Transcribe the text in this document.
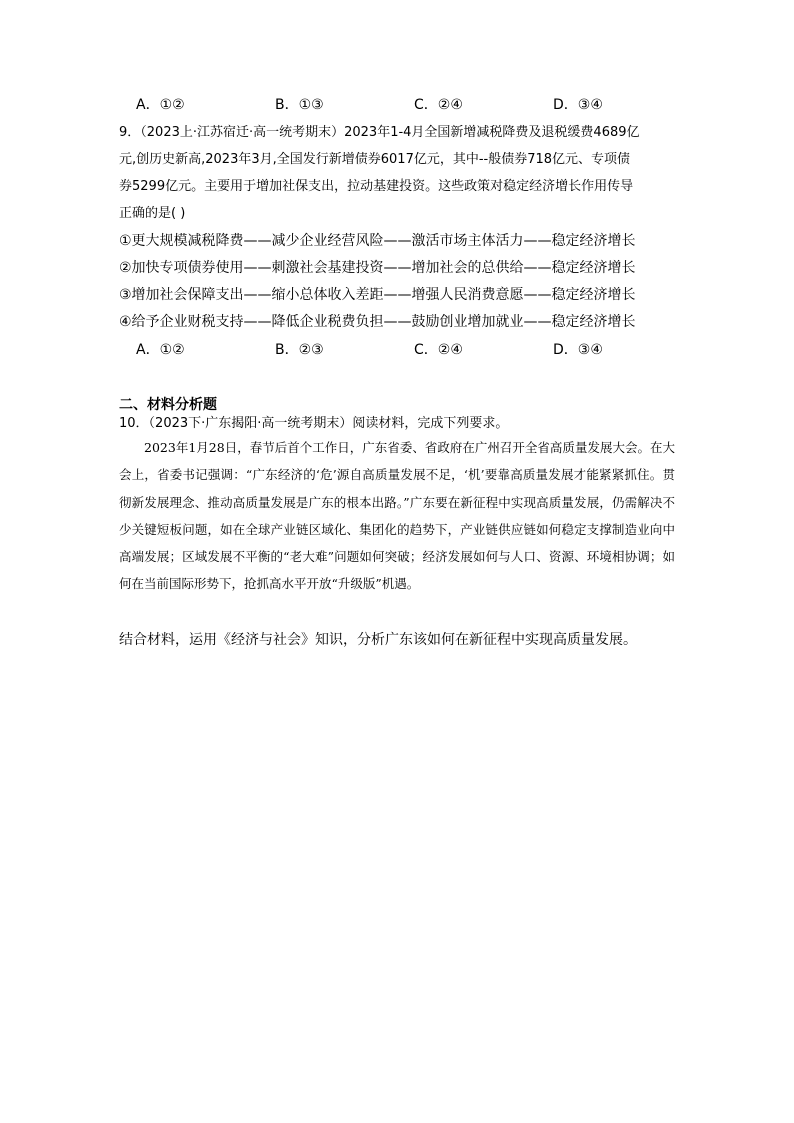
A．①②	B．①③	C．②④	D．③④
9．（2023上·江苏宿迁·高一统考期末）2023年1-4月全国新增减税降费及退税缓费4689亿
元,创历史新高,2023年3月,全国发行新增债券6017亿元，其中--般债券718亿元、专项债
券5299亿元。主要用于增加社保支出，拉动基建投资。这些政策对稳定经济增长作用传导
正确的是( )
①更大规模减税降费——减少企业经营风险——激活市场主体活力——稳定经济增长
②加快专项债券使用——刺激社会基建投资——增加社会的总供给——稳定经济增长
③增加社会保障支出——缩小总体收入差距——增强人民消费意愿——稳定经济增长
④给予企业财税支持——降低企业税费负担——鼓励创业增加就业——稳定经济增长
A．①②	B．②③	C．②④	D．③④
二、材料分析题
10．（2023下·广东揭阳·高一统考期末）阅读材料，完成下列要求。
2023年1月28日，春节后首个工作日，广东省委、省政府在广州召开全省高质量发展大会。在大会上，省委书记强调：“广东经济的‘危’源自高质量发展不足，‘机’要靠高质量发展才能紧紧抓住。贯彻新发展理念、推动高质量发展是广东的根本出路。”广东要在新征程中实现高质量发展，仍需解决不少关键短板问题，如在全球产业链区域化、集团化的趋势下，产业链供应链如何稳定支撑制造业向中高端发展；区域发展不平衡的“老大难”问题如何突破；经济发展如何与人口、资源、环境相协调；如何在当前国际形势下，抢抓高水平开放“升级版”机遇。
结合材料，运用《经济与社会》知识，分析广东该如何在新征程中实现高质量发展。
